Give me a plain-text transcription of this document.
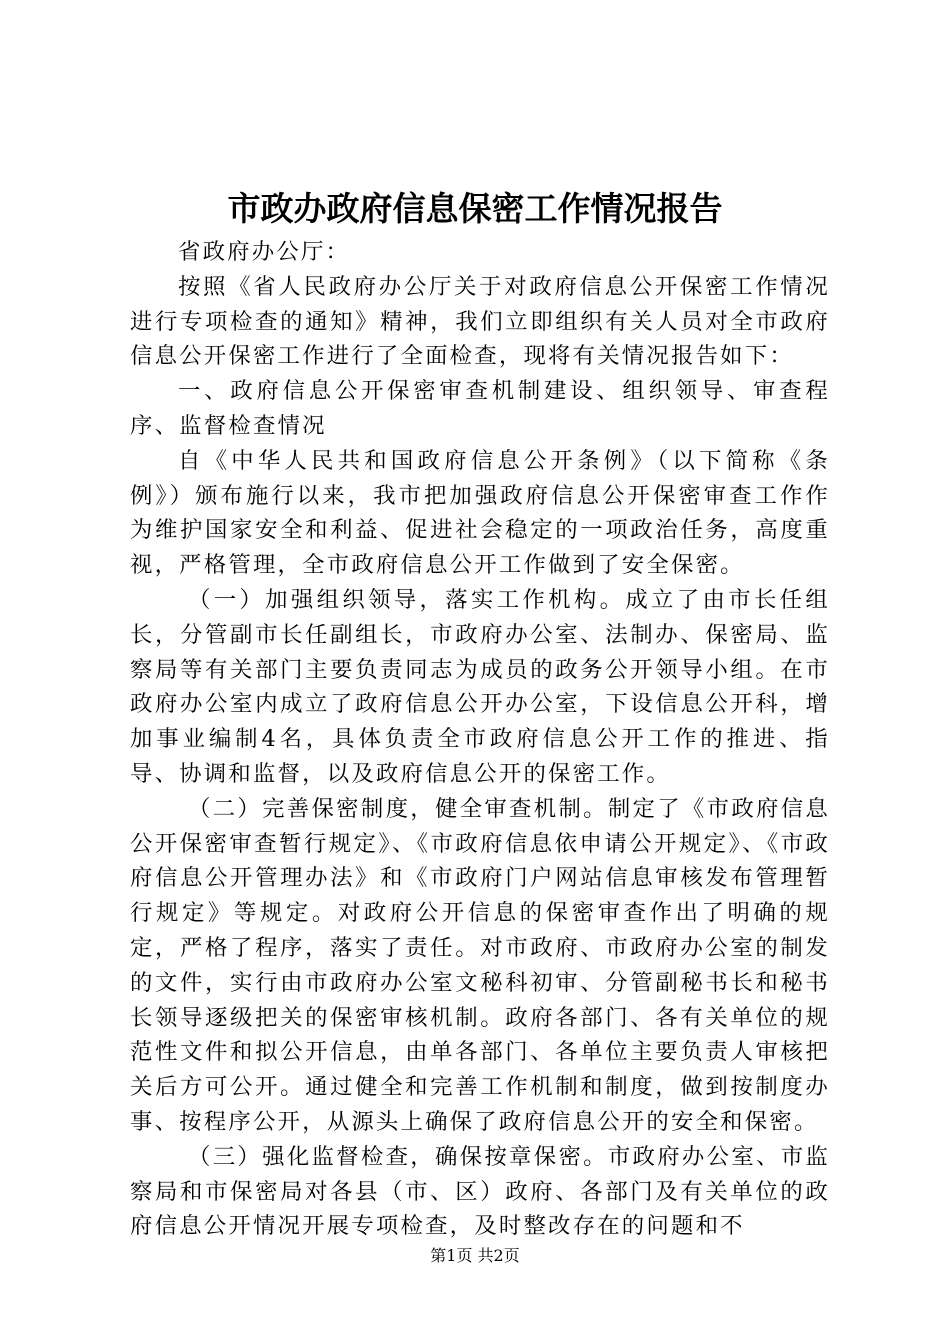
市政办政府信息保密工作情况报告

省政府办公厅：

按照《省人民政府办公厅关于对政府信息公开保密工作情况进行专项检查的通知》精神，我们立即组织有关人员对全市政府信息公开保密工作进行了全面检查，现将有关情况报告如下：

一、政府信息公开保密审查机制建设、组织领导、审查程序、监督检查情况

自《中华人民共和国政府信息公开条例》（以下简称《条例》）颁布施行以来，我市把加强政府信息公开保密审查工作作为维护国家安全和利益、促进社会稳定的一项政治任务，高度重视，严格管理，全市政府信息公开工作做到了安全保密。

（一）加强组织领导，落实工作机构。成立了由市长任组长，分管副市长任副组长，市政府办公室、法制办、保密局、监察局等有关部门主要负责同志为成员的政务公开领导小组。在市政府办公室内成立了政府信息公开办公室，下设信息公开科，增加事业编制4名，具体负责全市政府信息公开工作的推进、指导、协调和监督，以及政府信息公开的保密工作。

（二）完善保密制度，健全审查机制。制定了《市政府信息公开保密审查暂行规定》、《市政府信息依申请公开规定》、《市政府信息公开管理办法》和《市政府门户网站信息审核发布管理暂行规定》等规定。对政府公开信息的保密审查作出了明确的规定，严格了程序，落实了责任。对市政府、市政府办公室的制发的文件，实行由市政府办公室文秘科初审、分管副秘书长和秘书长领导逐级把关的保密审核机制。政府各部门、各有关单位的规范性文件和拟公开信息，由单各部门、各单位主要负责人审核把关后方可公开。通过健全和完善工作机制和制度，做到按制度办事、按程序公开，从源头上确保了政府信息公开的安全和保密。

（三）强化监督检查，确保按章保密。市政府办公室、市监察局和市保密局对各县（市、区）政府、各部门及有关单位的政府信息公开情况开展专项检查，及时整改存在的问题和不

第1页 共2页
